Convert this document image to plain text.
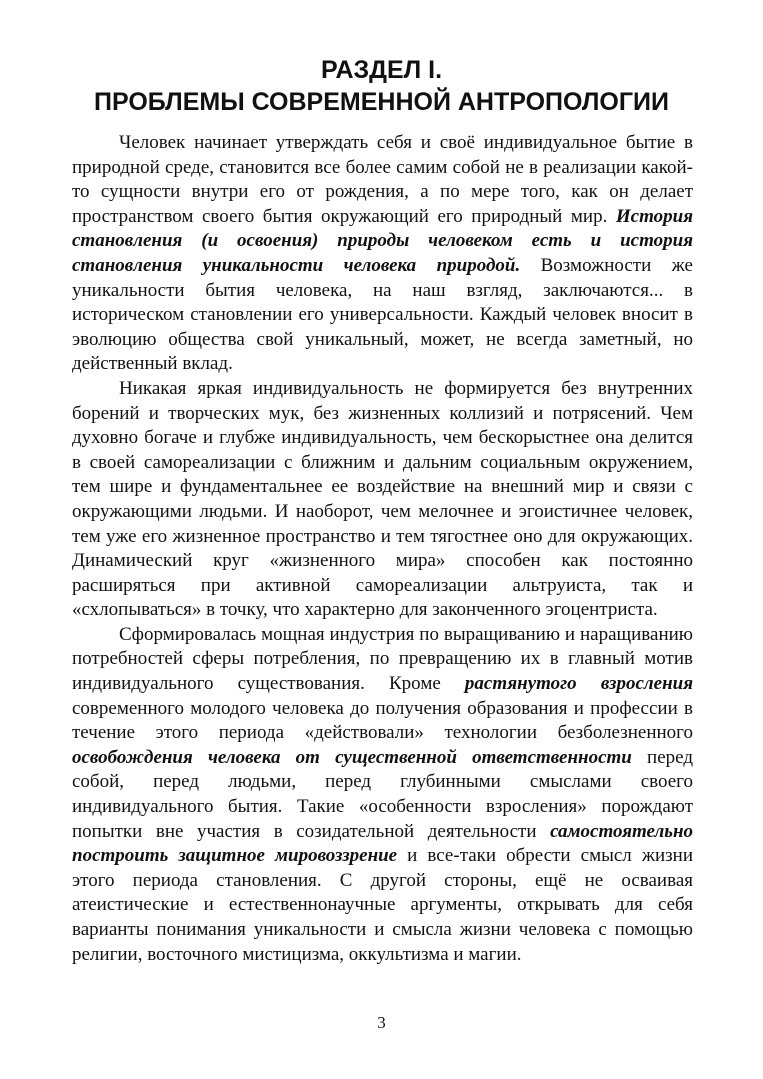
РАЗДЕЛ I.
ПРОБЛЕМЫ СОВРЕМЕННОЙ АНТРОПОЛОГИИ

Человек начинает утверждать себя и своё индивидуальное бытие в природной среде, становится все более самим собой не в реализации какой-то сущности внутри его от рождения, а по мере того, как он делает пространством своего бытия окружающий его природный мир. История становления (и освоения) природы человеком есть и история становления уникальности человека природой. Возможности же уникальности бытия человека, на наш взгляд, заключаются... в историческом становлении его универсальности. Каждый человек вносит в эволюцию общества свой уникальный, может, не всегда заметный, но действенный вклад.

Никакая яркая индивидуальность не формируется без внутренних борений и творческих мук, без жизненных коллизий и потрясений. Чем духовно богаче и глубже индивидуальность, чем бескорыстнее она делится в своей самореализации с ближним и дальним социальным окружением, тем шире и фундаментальнее ее воздействие на внешний мир и связи с окружающими людьми. И наоборот, чем мелочнее и эгоистичнее человек, тем уже его жизненное пространство и тем тягостнее оно для окружающих. Динамический круг «жизненного мира» способен как постоянно расширяться при активной самореализации альтруиста, так и «схлопываться» в точку, что характерно для законченного эгоцентриста.

Сформировалась мощная индустрия по выращиванию и наращиванию потребностей сферы потребления, по превращению их в главный мотив индивидуального существования. Кроме растянутого взросления современного молодого человека до получения образования и профессии в течение этого периода «действовали» технологии безболезненного освобождения человека от существенной ответственности перед собой, перед людьми, перед глубинными смыслами своего индивидуального бытия. Такие «особенности взросления» порождают попытки вне участия в созидательной деятельности самостоятельно построить защитное мировоззрение и все-таки обрести смысл жизни этого периода становления. С другой стороны, ещё не осваивая атеистические и естественнонаучные аргументы, открывать для себя варианты понимания уникальности и смысла жизни человека с помощью религии, восточного мистицизма, оккультизма и магии.

3
